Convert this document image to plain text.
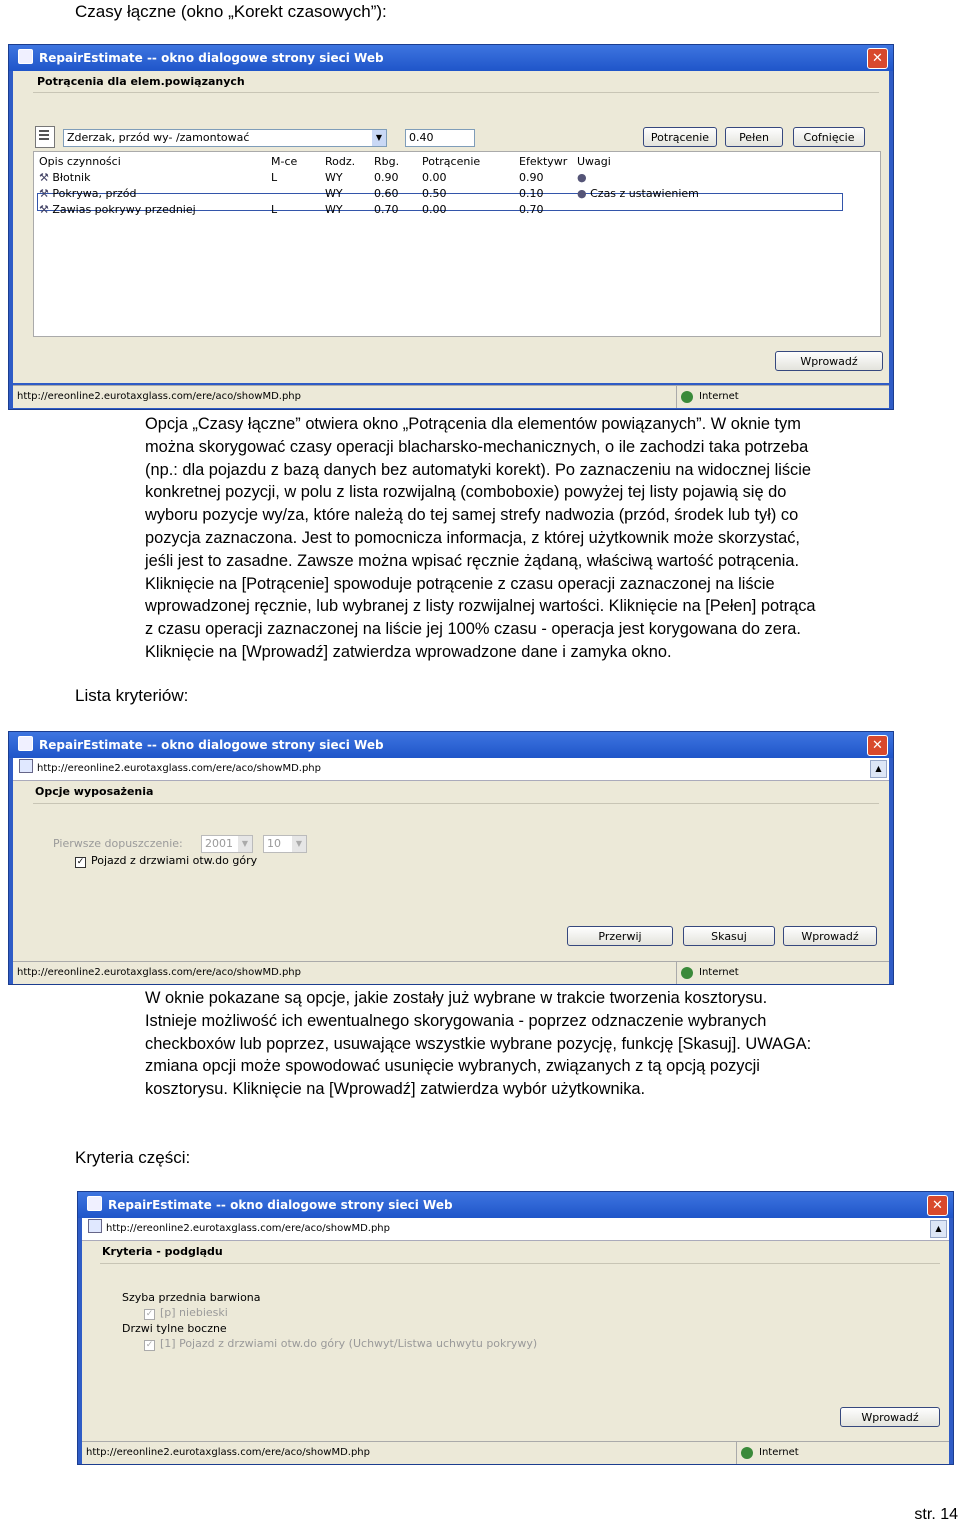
Czasy łączne (okno „Korekt czasowych”):
RepairEstimate -- okno dialogowe strony sieci Web	✕
Potrącenia dla elem.powiązanych
Zderzak, przód wy- /zamontować	▼	0.40	Potrącenie	Pełen	Cofnięcie
Opis czynności	M-ce	Rodz.	Rbg.	Potrącenie	Efektywr	Uwagi
⚒ Błotnik	L	WY	0.90	0.00	0.90	●
⚒ Pokrywa, przód		WY	0.60	0.50	0.10	● Czas z ustawieniem
⚒ Zawias pokrywy przedniej	L	WY	0.70	0.00	0.70	
Wprowadź
http://ereonline2.eurotaxglass.com/ere/aco/showMD.php	Internet

Opcja „Czasy łączne” otwiera okno „Potrącenia dla elementów powiązanych”. W oknie tym

można skorygować czasy operacji blacharsko-mechanicznych, o ile zachodzi taka potrzeba

(np.: dla pojazdu z bazą danych bez automatyki korekt). Po zaznaczeniu na widocznej liście

konkretnej pozycji, w polu z lista rozwijalną (comboboxie) powyżej tej listy pojawią się do

wyboru pozycje wy/za, które należą do tej samej strefy nadwozia (przód, środek lub tył) co

pozycja zaznaczona. Jest to pomocnicza informacja, z której użytkownik może skorzystać,

jeśli jest to zasadne. Zawsze można wpisać ręcznie żądaną, właściwą wartość potrącenia.

Kliknięcie na [Potrącenie] spowoduje potrącenie z czasu operacji zaznaczonej na liście

wprowadzonej ręcznie, lub wybranej z listy rozwijalnej wartości. Kliknięcie na [Pełen] potrąca

z czasu operacji zaznaczonej na liście jej 100% czasu - operacja jest korygowana do zera.

Kliknięcie na [Wprowadź] zatwierdza wprowadzone dane i zamyka okno.

Lista kryteriów:
RepairEstimate -- okno dialogowe strony sieci Web	✕
http://ereonline2.eurotaxglass.com/ere/aco/showMD.php	▲
Opcje wyposażenia
Pierwsze dopuszczenie:	2001	▼	10	▼
✓ Pojazd z drzwiami otw.do góry
Przerwij	Skasuj	Wprowadź
http://ereonline2.eurotaxglass.com/ere/aco/showMD.php	Internet

W oknie pokazane są opcje, jakie zostały już wybrane w trakcie tworzenia kosztorysu.

Istnieje możliwość ich ewentualnego skorygowania - poprzez odznaczenie wybranych

checkboxów lub poprzez, usuwające wszystkie wybrane pozycję, funkcję [Skasuj]. UWAGA:

zmiana opcji może spowodować usunięcie wybranych, związanych z tą opcją pozycji

kosztorysu. Kliknięcie na [Wprowadź] zatwierdza wybór użytkownika.

Kryteria części:
RepairEstimate -- okno dialogowe strony sieci Web	✕
http://ereonline2.eurotaxglass.com/ere/aco/showMD.php	▲
Kryteria - podglądu
Szyba przednia barwiona
✓ [p] niebieski
Drzwi tylne boczne
✓ [1] Pojazd z drzwiami otw.do góry (Uchwyt/Listwa uchwytu pokrywy)
Wprowadź
http://ereonline2.eurotaxglass.com/ere/aco/showMD.php	Internet
str. 14
